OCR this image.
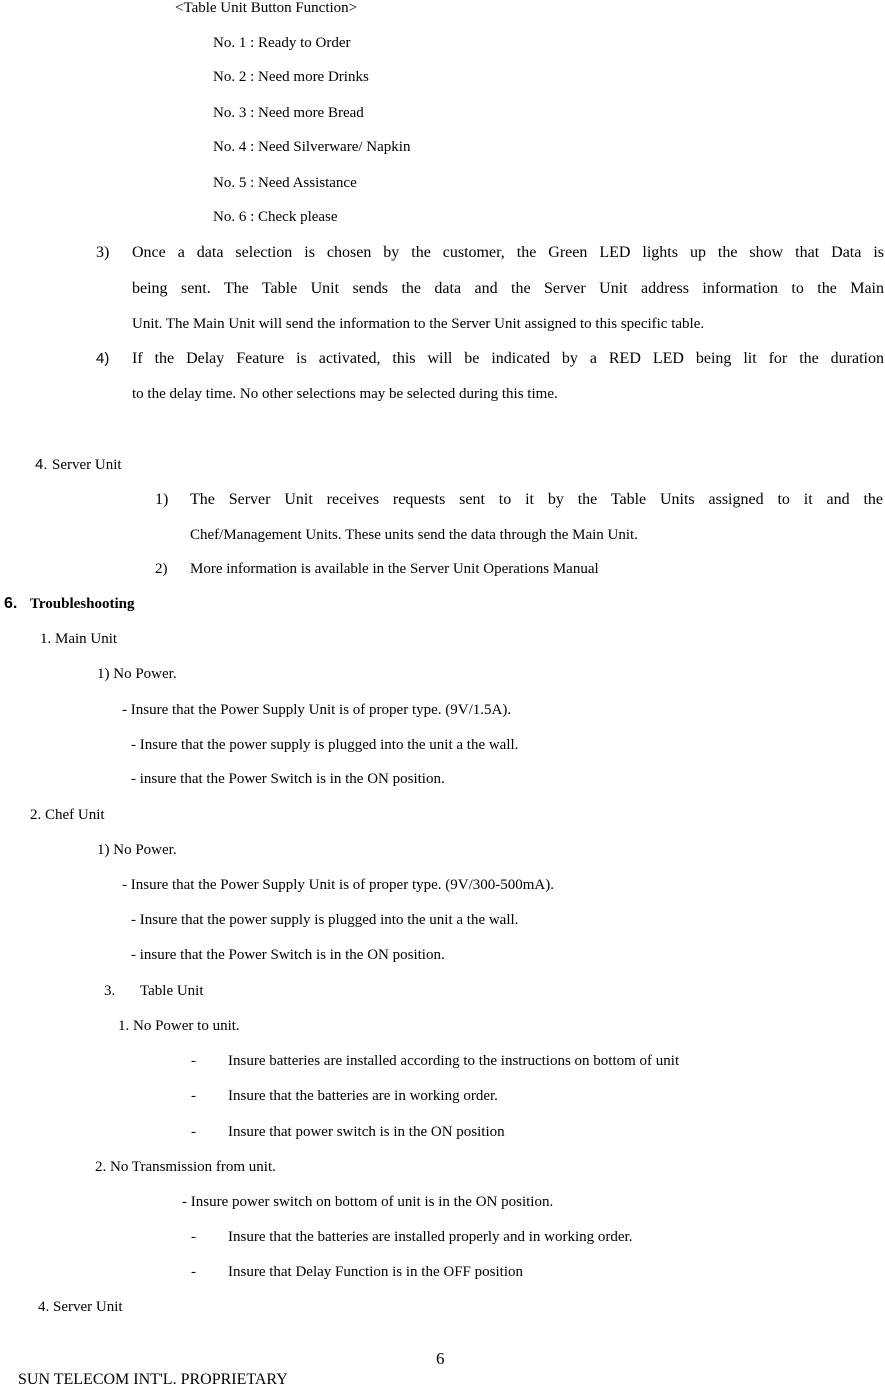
<Table Unit Button Function>
No. 1 : Ready to Order
No. 2 : Need more Drinks
No. 3 : Need more Bread
No. 4 : Need Silverware/ Napkin
No. 5 : Need Assistance
No. 6 : Check please
3) Once a data selection is chosen by the customer, the Green LED lights up the show that Data is
being sent. The Table Unit sends the data and the Server Unit address information to the Main
Unit. The Main Unit will send the information to the Server Unit assigned to this specific table.
4) If the Delay Feature is activated, this will be indicated by a RED LED being lit for the duration
to the delay time. No other selections may be selected during this time.
4. Server Unit
1) The Server Unit receives requests sent to it by the Table Units assigned to it and the
Chef/Management Units. These units send the data through the Main Unit.
2) More information is available in the Server Unit Operations Manual
6. Troubleshooting
1. Main Unit
1) No Power.
- Insure that the Power Supply Unit is of proper type. (9V/1.5A).
- Insure that the power supply is plugged into the unit a the wall.
- insure that the Power Switch is in the ON position.
2. Chef Unit
1) No Power.
- Insure that the Power Supply Unit is of proper type. (9V/300-500mA).
- Insure that the power supply is plugged into the unit a the wall.
- insure that the Power Switch is in the ON position.
3. Table Unit
1. No Power to unit.
- Insure batteries are installed according to the instructions on bottom of unit
- Insure that the batteries are in working order.
- Insure that power switch is in the ON position
2. No Transmission from unit.
- Insure power switch on bottom of unit is in the ON position.
- Insure that the batteries are installed properly and in working order.
- Insure that Delay Function is in the OFF position
4. Server Unit
6
SUN TELECOM INT'L. PROPRIETARY
